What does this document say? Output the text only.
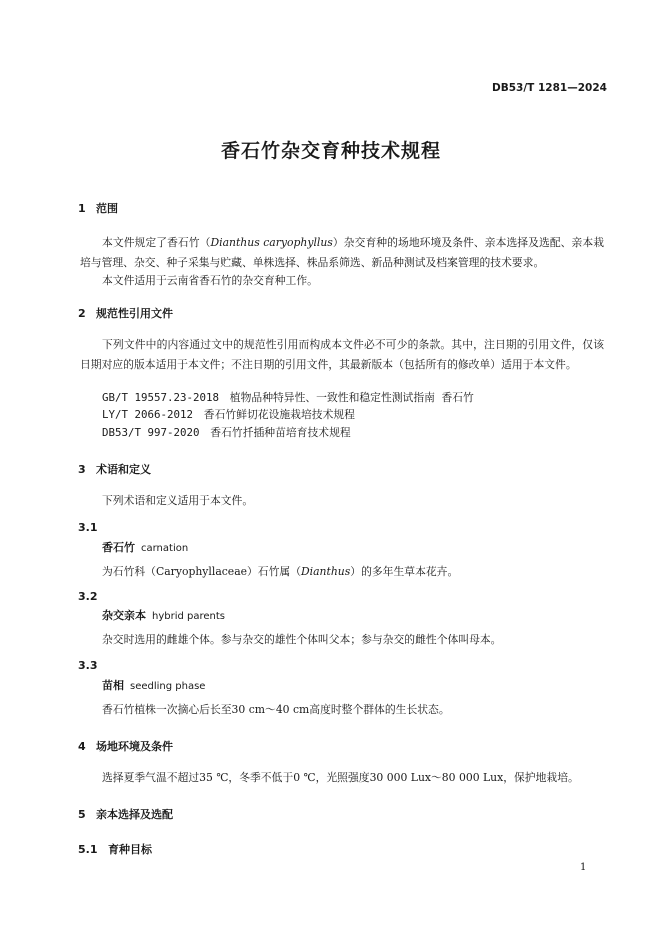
DB53/T 1281—2024
香石竹杂交育种技术规程
1 范围
本文件规定了香石竹（Dianthus caryophyllus）杂交育种的场地环境及条件、亲本选择及选配、亲本栽培与管理、杂交、种子采集与贮藏、单株选择、株品系筛选、新品种测试及档案管理的技术要求。
本文件适用于云南省香石竹的杂交育种工作。
2 规范性引用文件
下列文件中的内容通过文中的规范性引用而构成本文件必不可少的条款。其中，注日期的引用文件，仅该日期对应的版本适用于本文件；不注日期的引用文件，其最新版本（包括所有的修改单）适用于本文件。
GB/T 19557.23-2018　植物品种特异性、一致性和稳定性测试指南 香石竹
LY/T 2066-2012　香石竹鲜切花设施栽培技术规程
DB53/T 997-2020　香石竹扦插种苗培育技术规程
3 术语和定义
下列术语和定义适用于本文件。
3.1
香石竹 carnation
为石竹科（Caryophyllaceae）石竹属（Dianthus）的多年生草本花卉。
3.2
杂交亲本 hybrid parents
杂交时选用的雌雄个体。参与杂交的雄性个体叫父本；参与杂交的雌性个体叫母本。
3.3
苗相 seedling phase
香石竹植株一次摘心后长至30 cm～40 cm高度时整个群体的生长状态。
4 场地环境及条件
选择夏季气温不超过35 ℃，冬季不低于0 ℃，光照强度30 000 Lux～80 000 Lux，保护地栽培。
5 亲本选择及选配
5.1 育种目标
1
